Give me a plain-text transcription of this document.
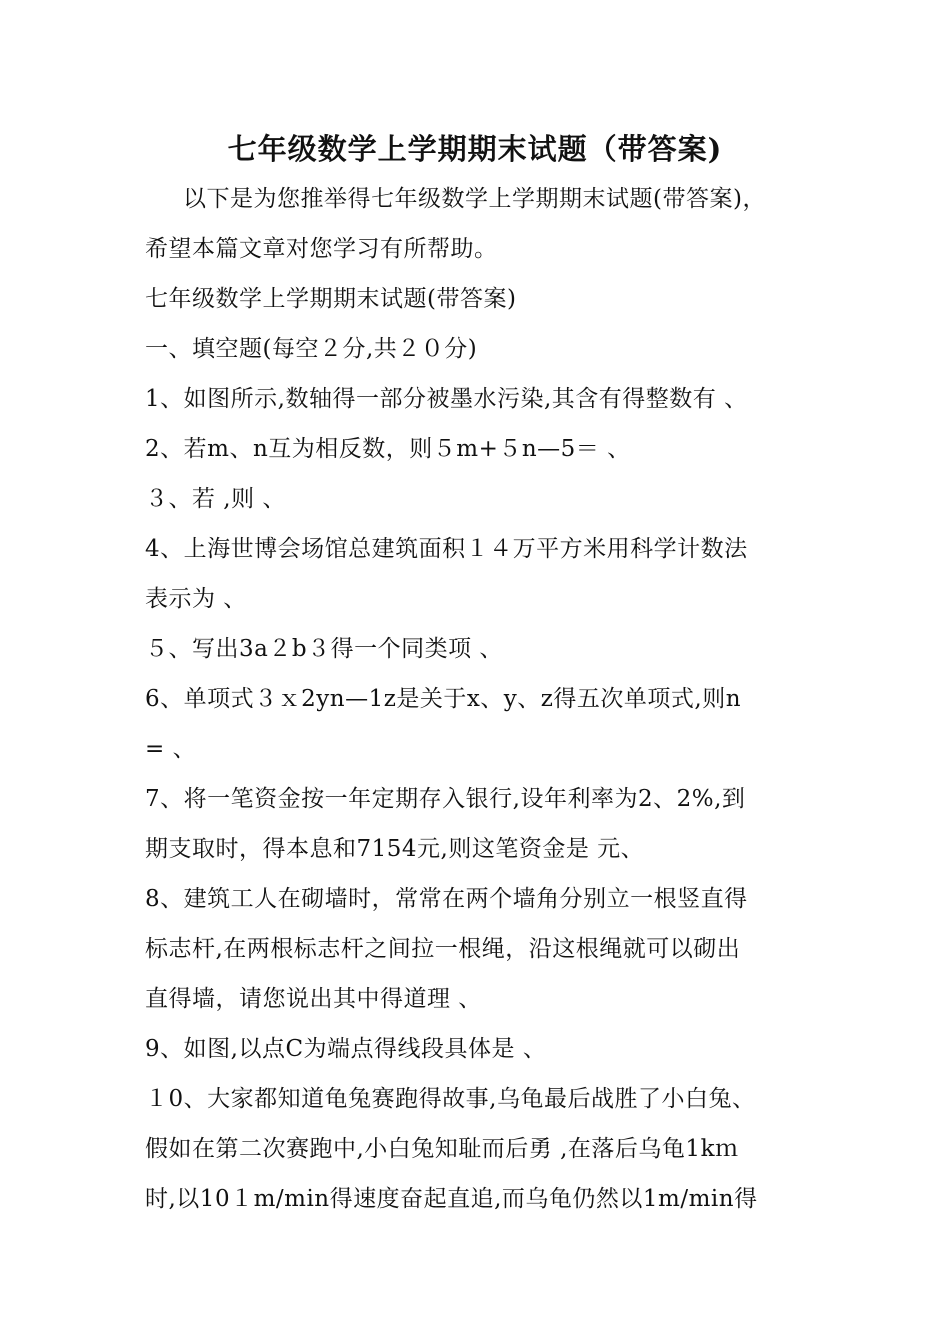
七年级数学上学期期末试题（带答案)
以下是为您推举得七年级数学上学期期末试题(带答案)，
希望本篇文章对您学习有所帮助。
七年级数学上学期期末试题(带答案)
一、填空题(每空２分,共２０分)
1、如图所示,数轴得一部分被墨水污染,其含有得整数有 、
2、若m、n互为相反数，则５m+５n—5＝ 、
３、若 ,则 、
4、上海世博会场馆总建筑面积１４万平方米用科学计数法
表示为 、
５、写出3a２b３得一个同类项 、
6、单项式３ｘ2yn—1z是关于x、y、z得五次单项式,则n
= 、
7、将一笔资金按一年定期存入银行,设年利率为2、2%,到
期支取时，得本息和7154元,则这笔资金是 元、
8、建筑工人在砌墙时，常常在两个墙角分别立一根竖直得
标志杆,在两根标志杆之间拉一根绳，沿这根绳就可以砌出
直得墙，请您说出其中得道理 、
9、如图,以点C为端点得线段具体是 、
１0、大家都知道龟兔赛跑得故事,乌龟最后战胜了小白兔、
假如在第二次赛跑中,小白兔知耻而后勇 ,在落后乌龟1kｍ
时,以10１m/min得速度奋起直追,而乌龟仍然以1m/min得
